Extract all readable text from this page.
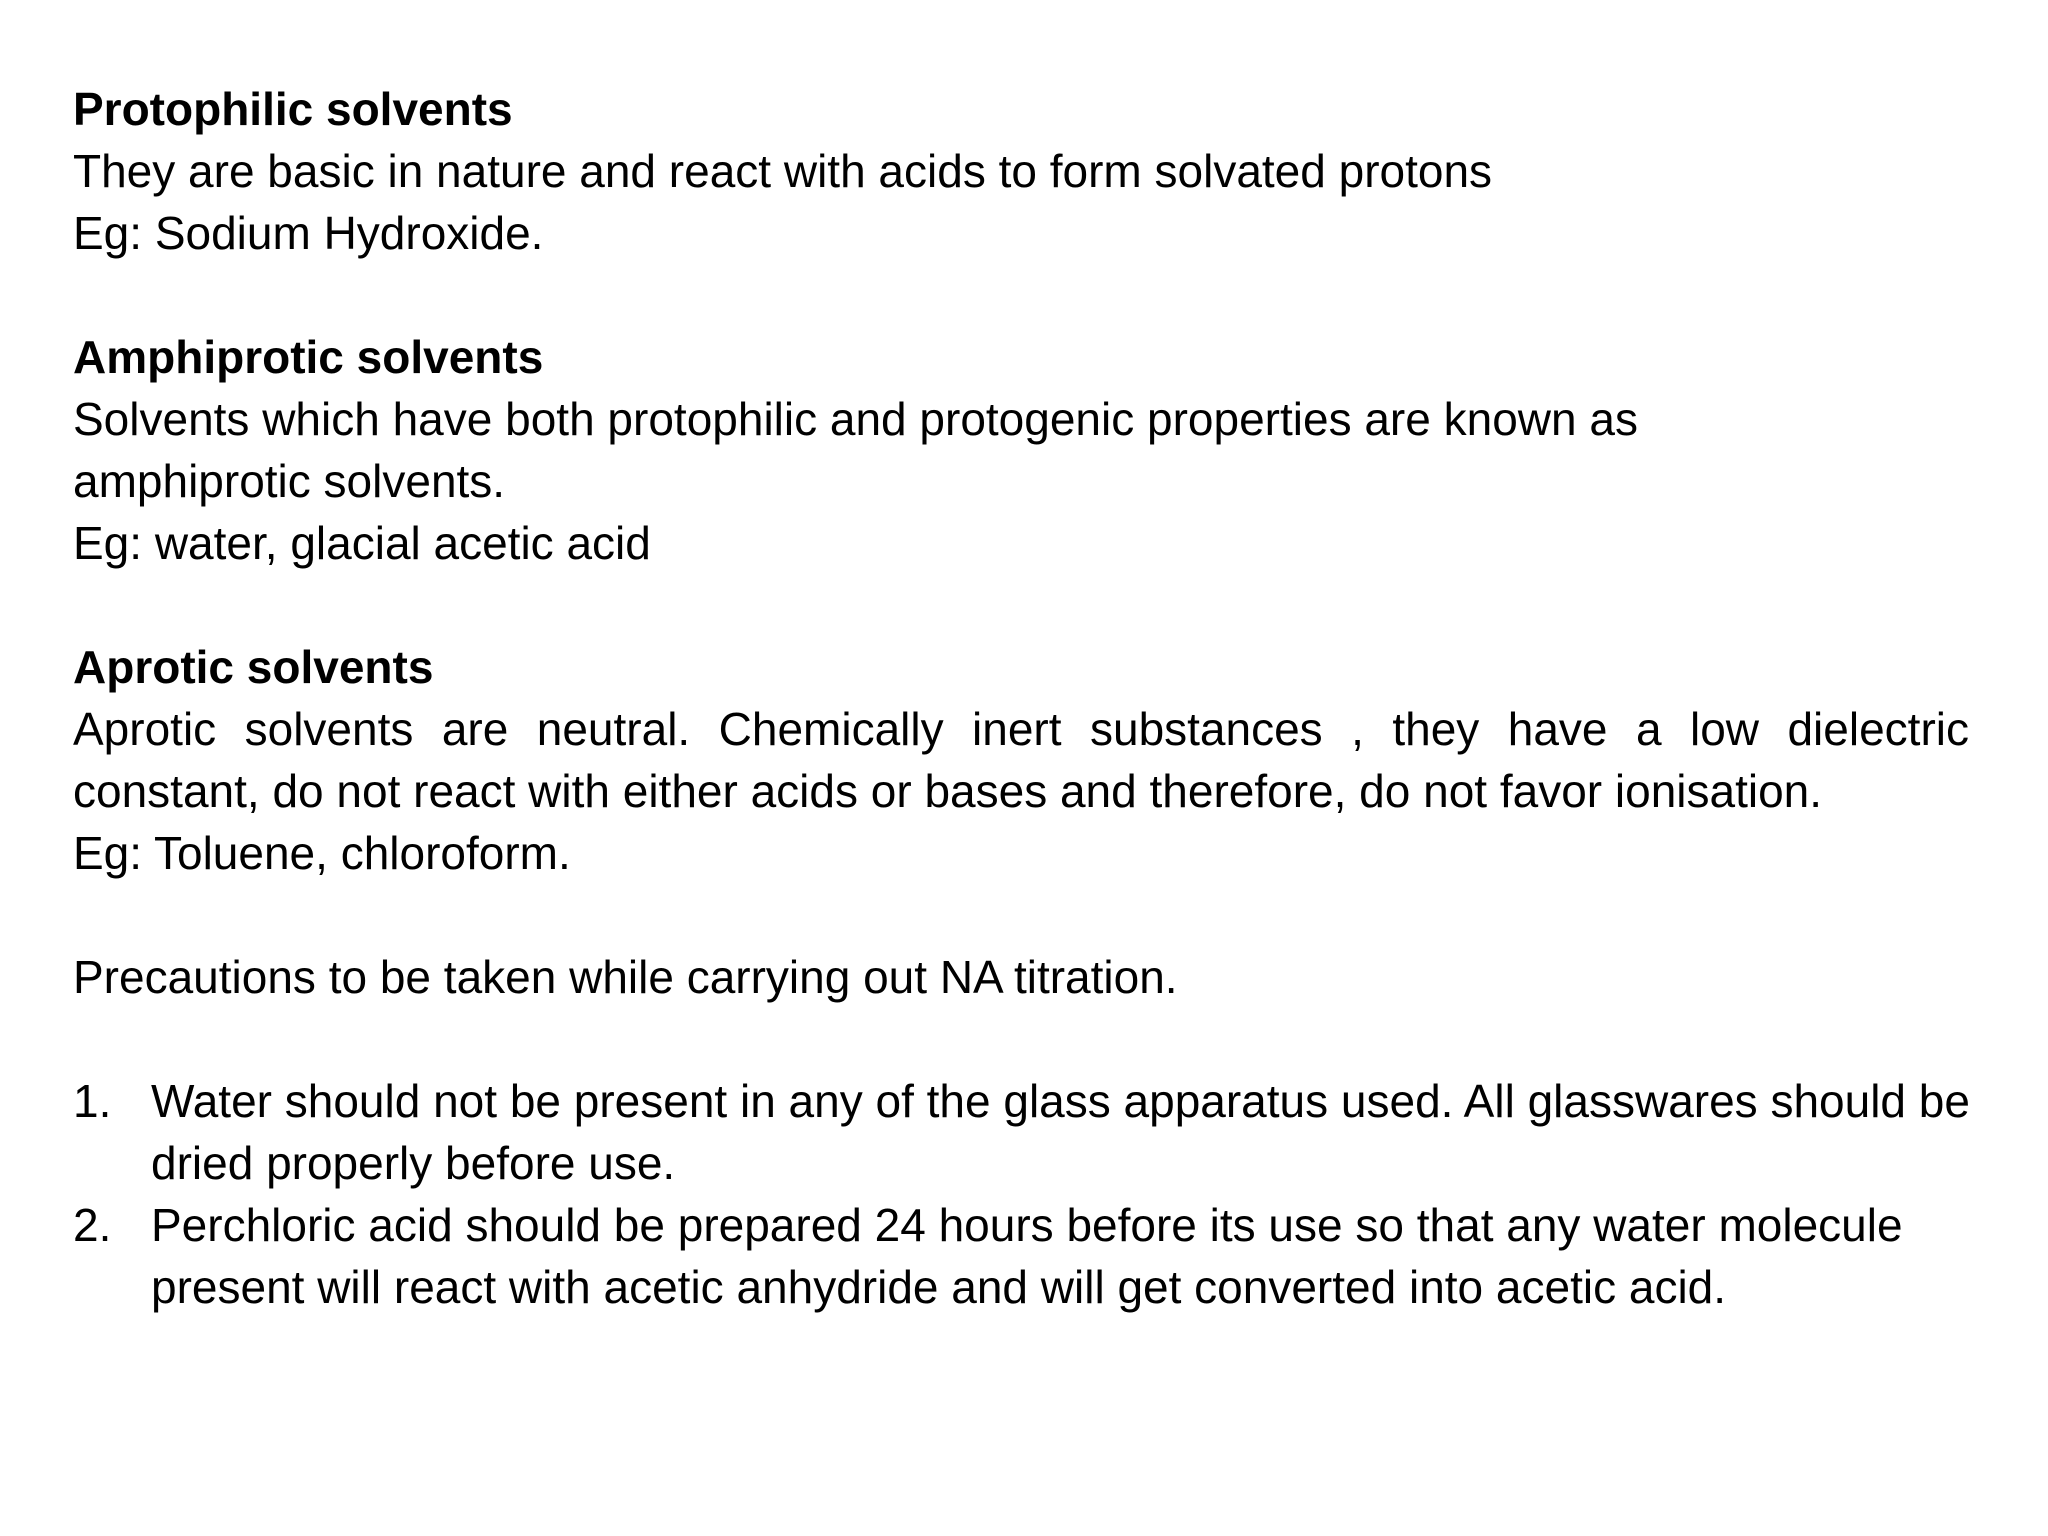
Protophilic solvents
They are basic in nature and react with acids to form solvated protons
Eg: Sodium Hydroxide.
Amphiprotic solvents
Solvents which have both protophilic and protogenic properties are known as amphiprotic solvents.
Eg: water, glacial acetic acid
Aprotic solvents
Aprotic solvents are neutral. Chemically inert substances , they have a low dielectric constant, do not react with either acids or bases and therefore, do not favor ionisation.
Eg: Toluene, chloroform.
Precautions to be taken while carrying out NA titration.
1. Water should not be present in any of the glass apparatus used. All glasswares should be dried properly before use.
2. Perchloric acid should be prepared 24 hours before its use so that any water molecule present will react with acetic anhydride and will get converted into acetic acid.
